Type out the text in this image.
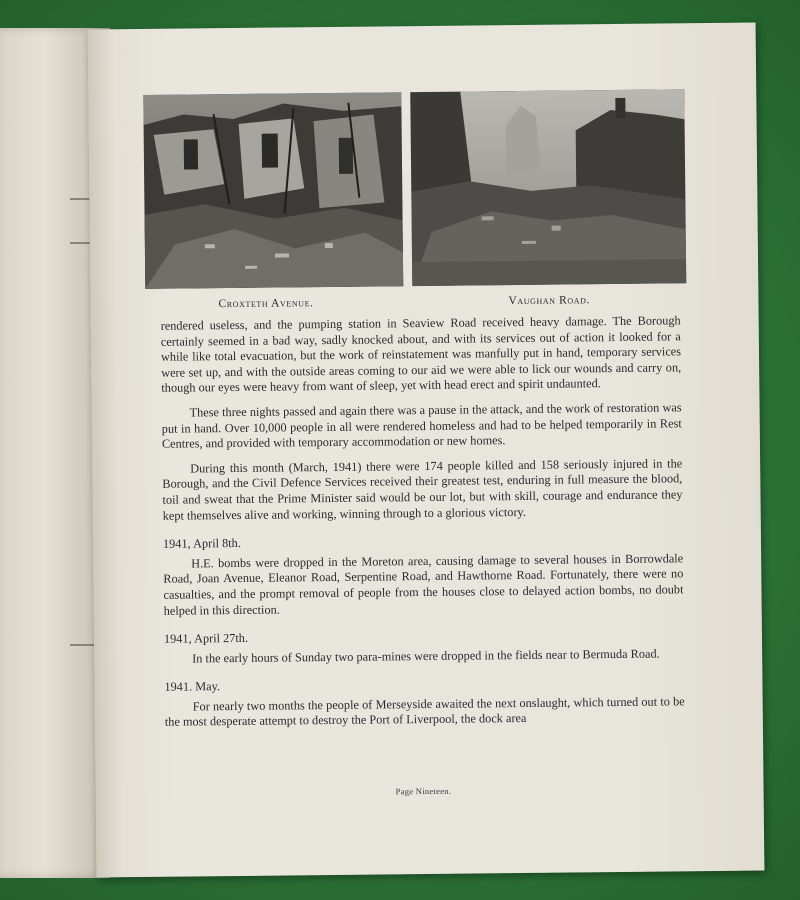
Croxteth Avenue.	Vaughan Road.

rendered useless, and the pumping station in Seaview Road received heavy damage. The Borough certainly seemed in a bad way, sadly knocked about, and with its services out of action it looked for a while like total evacuation, but the work of reinstatement was manfully put in hand, temporary services were set up, and with the outside areas coming to our aid we were able to lick our wounds and carry on, though our eyes were heavy from want of sleep, yet with head erect and spirit undaunted.

These three nights passed and again there was a pause in the attack, and the work of restoration was put in hand. Over 10,000 people in all were rendered homeless and had to be helped temporarily in Rest Centres, and provided with temporary accommodation or new homes.

During this month (March, 1941) there were 174 people killed and 158 seriously injured in the Borough, and the Civil Defence Services received their greatest test, enduring in full measure the blood, toil and sweat that the Prime Minister said would be our lot, but with skill, courage and endurance they kept themselves alive and working, winning through to a glorious victory.

1941, April 8th.

H.E. bombs were dropped in the Moreton area, causing damage to several houses in Borrowdale Road, Joan Avenue, Eleanor Road, Serpentine Road, and Hawthorne Road. Fortunately, there were no casualties, and the prompt removal of people from the houses close to delayed action bombs, no doubt helped in this direction.

1941, April 27th.

In the early hours of Sunday two para-mines were dropped in the fields near to Bermuda Road.

1941. May.

For nearly two months the people of Merseyside awaited the next onslaught, which turned out to be the most desperate attempt to destroy the Port of Liverpool, the dock area

Page Nineteen.
